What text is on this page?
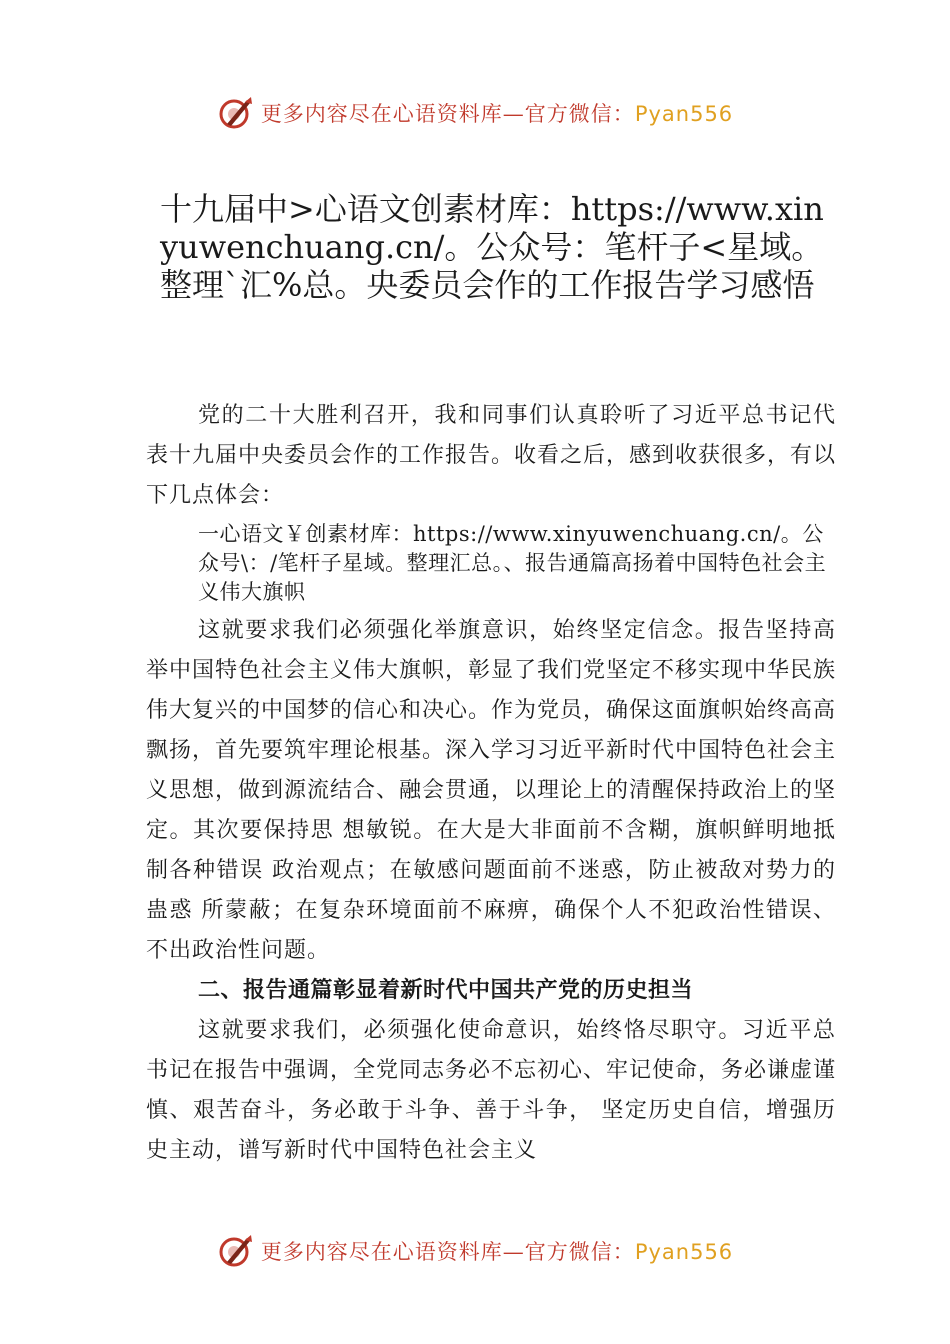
更多内容尽在心语资料库—官方微信：Pyan556
十九届中>心语文创素材库：https://www.xinyuwenchuang.cn/。公众号：笔杆子<星域。整理`汇%总。央委员会作的工作报告学习感悟

党的二十大胜利召开，我和同事们认真聆听了习近平总书记代表十九届中央委员会作的工作报告。收看之后，感到收获很多，有以下几点体会：

一心语文￥创素材库：https://www.xinyuwenchuang.cn/。公众号\：/笔杆子星域。整理汇总。、报告通篇高扬着中国特色社会主义伟大旗帜

这就要求我们必须强化举旗意识，始终坚定信念。报告坚持高举中国特色社会主义伟大旗帜，彰显了我们党坚定不移实现中华民族伟大复兴的中国梦的信心和决心。作为党员，确保这面旗帜始终高高飘扬，首先要筑牢理论根基。深入学习习近平新时代中国特色社会主义思想，做到源流结合、融会贯通，以理论上的清醒保持政治上的坚定。其次要保持思 想敏锐。在大是大非面前不含糊，旗帜鲜明地抵制各种错误 政治观点；在敏感问题面前不迷惑，防止被敌对势力的蛊惑 所蒙蔽；在复杂环境面前不麻痹，确保个人不犯政治性错误、不出政治性问题。

二、报告通篇彰显着新时代中国共产党的历史担当

这就要求我们，必须强化使命意识，始终恪尽职守。习近平总书记在报告中强调，全党同志务必不忘初心、牢记使命，务必谦虚谨慎、艰苦奋斗，务必敢于斗争、善于斗争， 坚定历史自信，增强历史主动，谱写新时代中国特色社会主义

更多内容尽在心语资料库—官方微信：Pyan556
